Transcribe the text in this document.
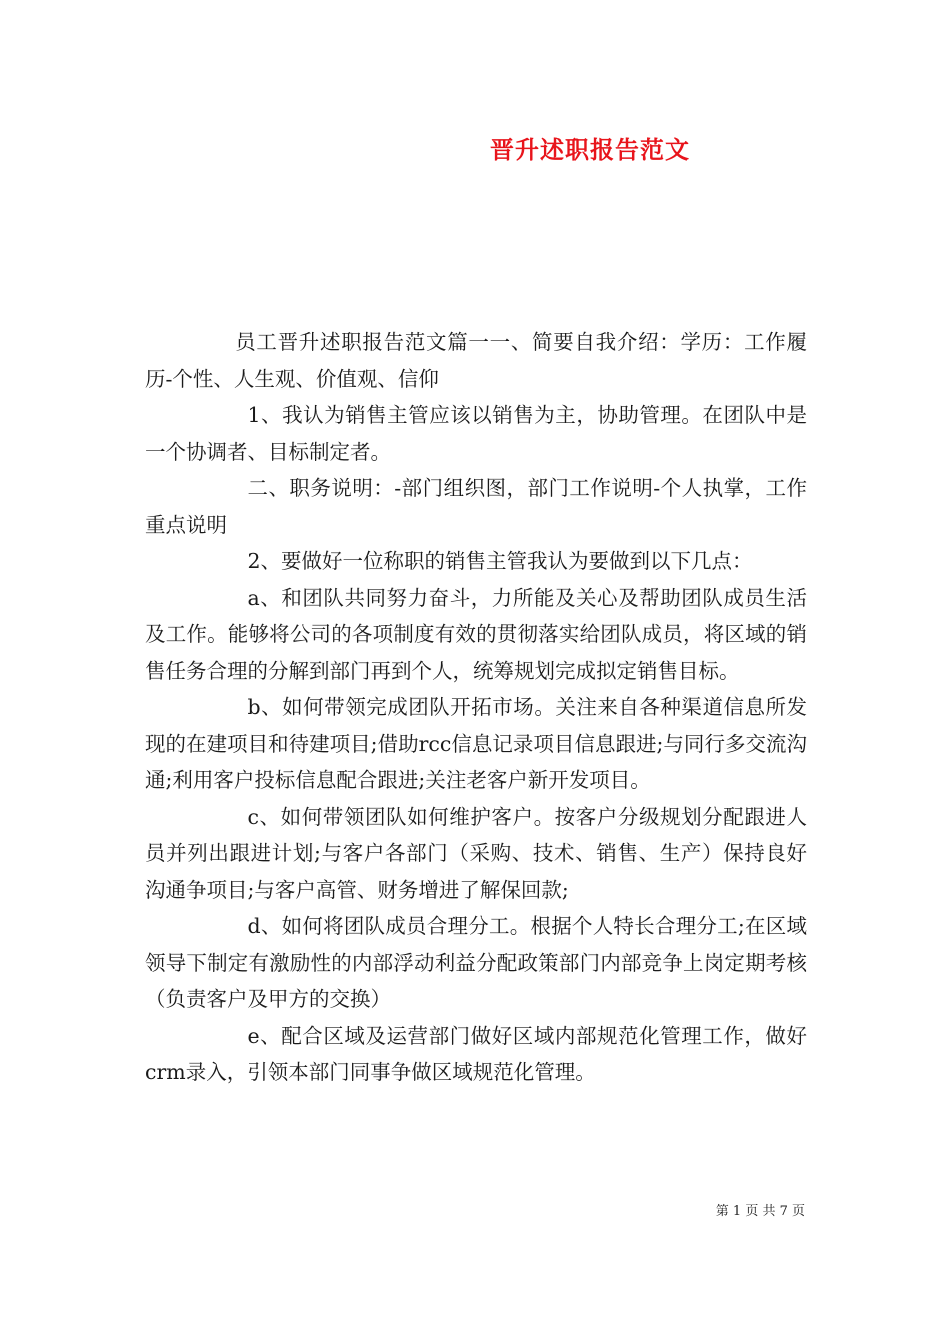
晋升述职报告范文

员工晋升述职报告范文篇一一、简要自我介绍：学历：工作履历-个性、人生观、价值观、信仰

1、我认为销售主管应该以销售为主，协助管理。在团队中是一个协调者、目标制定者。

二、职务说明：-部门组织图，部门工作说明-个人执掌，工作重点说明

2、要做好一位称职的销售主管我认为要做到以下几点：

a、和团队共同努力奋斗，力所能及关心及帮助团队成员生活及工作。能够将公司的各项制度有效的贯彻落实给团队成员，将区域的销售任务合理的分解到部门再到个人，统筹规划完成拟定销售目标。

b、如何带领完成团队开拓市场。关注来自各种渠道信息所发现的在建项目和待建项目;借助rcc信息记录项目信息跟进;与同行多交流沟通;利用客户投标信息配合跟进;关注老客户新开发项目。

c、如何带领团队如何维护客户。按客户分级规划分配跟进人员并列出跟进计划;与客户各部门（采购、技术、销售、生产）保持良好沟通争项目;与客户高管、财务增进了解保回款;

d、如何将团队成员合理分工。根据个人特长合理分工;在区域领导下制定有激励性的内部浮动利益分配政策部门内部竞争上岗定期考核（负责客户及甲方的交换）

e、配合区域及运营部门做好区域内部规范化管理工作，做好crm录入，引领本部门同事争做区域规范化管理。

第 1 页 共 7 页
